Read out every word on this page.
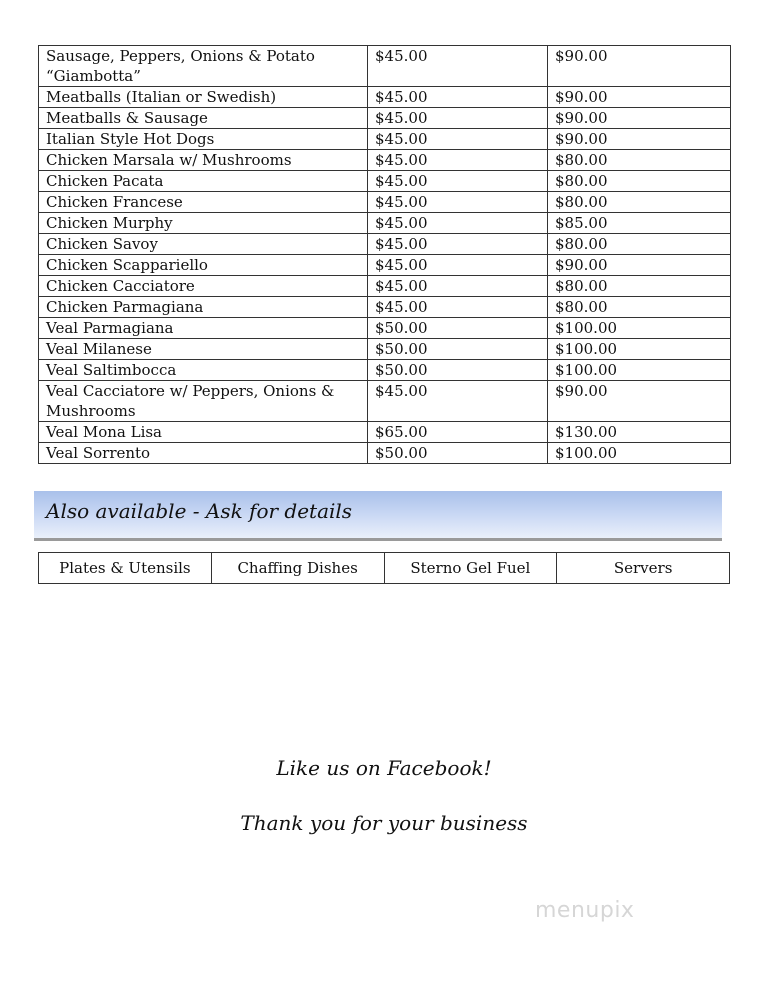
Sausage, Peppers, Onions & Potato “Giambotta”	$45.00	$90.00
Meatballs (Italian or Swedish)	$45.00	$90.00
Meatballs & Sausage	$45.00	$90.00
Italian Style Hot Dogs	$45.00	$90.00
Chicken Marsala w/ Mushrooms	$45.00	$80.00
Chicken Pacata	$45.00	$80.00
Chicken Francese	$45.00	$80.00
Chicken Murphy	$45.00	$85.00
Chicken Savoy	$45.00	$80.00
Chicken Scappariello	$45.00	$90.00
Chicken Cacciatore	$45.00	$80.00
Chicken Parmagiana	$45.00	$80.00
Veal Parmagiana	$50.00	$100.00
Veal Milanese	$50.00	$100.00
Veal Saltimbocca	$50.00	$100.00
Veal Cacciatore w/ Peppers, Onions & Mushrooms	$45.00	$90.00
Veal Mona Lisa	$65.00	$130.00
Veal Sorrento	$50.00	$100.00
Also available - Ask for details
Plates & Utensils	Chaffing Dishes	Sterno Gel Fuel	Servers
Like us on Facebook!
Thank you for your business
menupix
